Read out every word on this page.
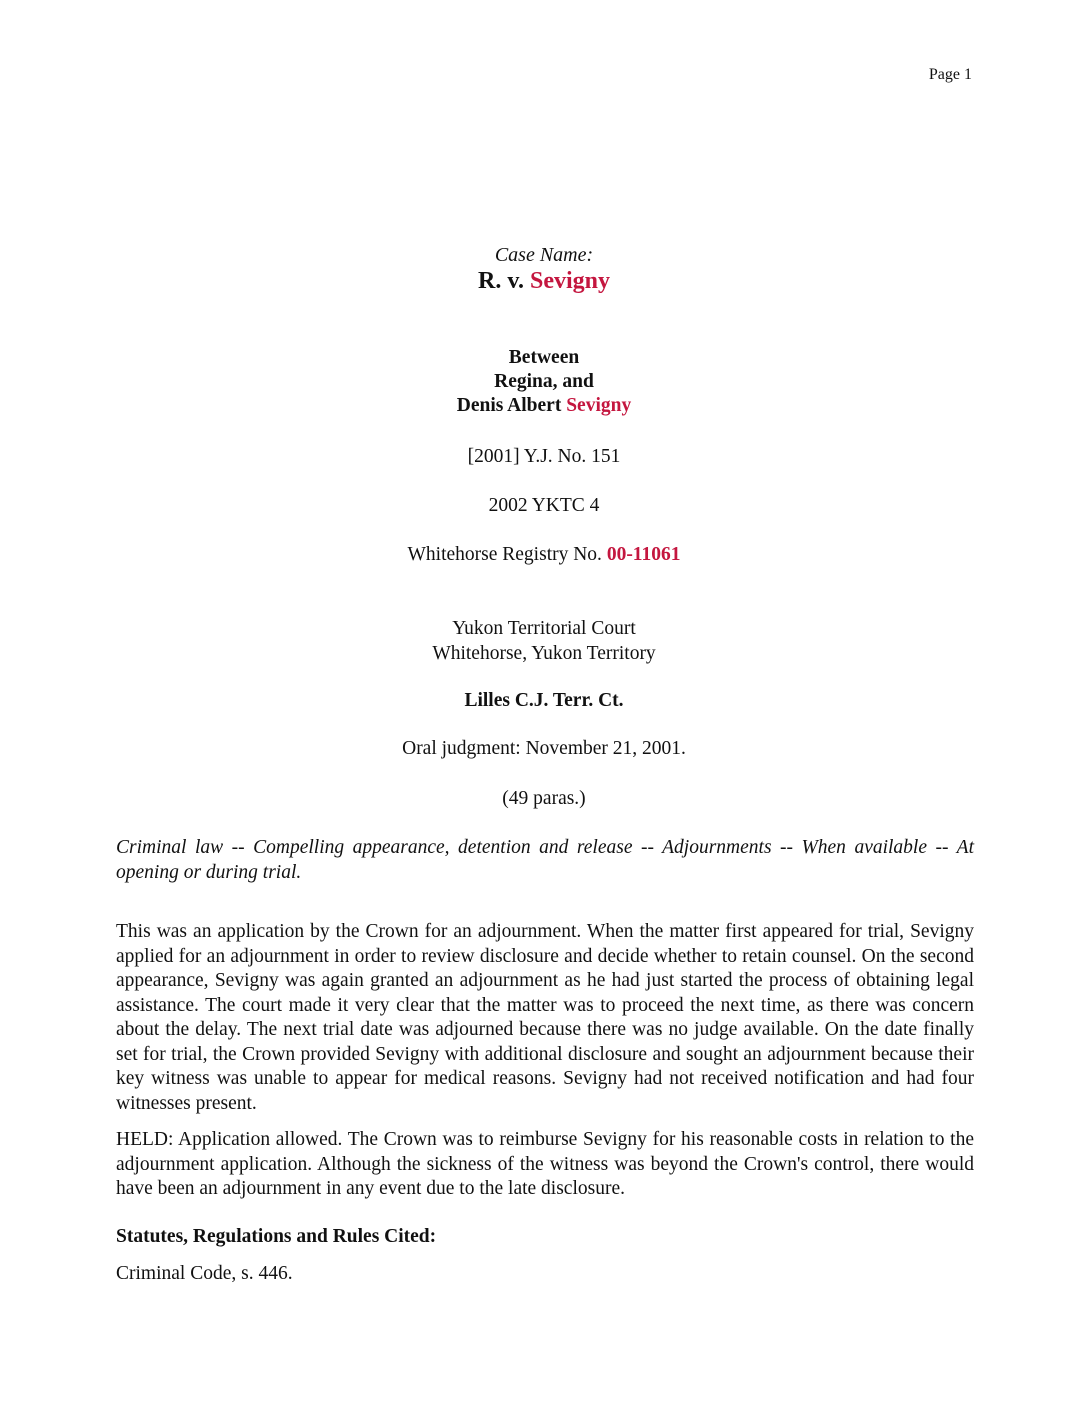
Page 1
Case Name:
R. v. Sevigny
Between
Regina, and
Denis Albert Sevigny
[2001] Y.J. No. 151
2002 YKTC 4
Whitehorse Registry No. 00-11061
Yukon Territorial Court
Whitehorse, Yukon Territory
Lilles C.J. Terr. Ct.
Oral judgment: November 21, 2001.
(49 paras.)
Criminal law -- Compelling appearance, detention and release -- Adjournments -- When available -- At opening or during trial.
This was an application by the Crown for an adjournment. When the matter first appeared for trial, Sevigny applied for an adjournment in order to review disclosure and decide whether to retain counsel. On the second appearance, Sevigny was again granted an adjournment as he had just started the process of obtaining legal assistance. The court made it very clear that the matter was to proceed the next time, as there was concern about the delay. The next trial date was adjourned because there was no judge available. On the date finally set for trial, the Crown provided Sevigny with additional disclosure and sought an adjournment because their key witness was unable to appear for medical reasons. Sevigny had not received notification and had four witnesses present.
HELD: Application allowed. The Crown was to reimburse Sevigny for his reasonable costs in relation to the adjournment application. Although the sickness of the witness was beyond the Crown's control, there would have been an adjournment in any event due to the late disclosure.
Statutes, Regulations and Rules Cited:
Criminal Code, s. 446.
